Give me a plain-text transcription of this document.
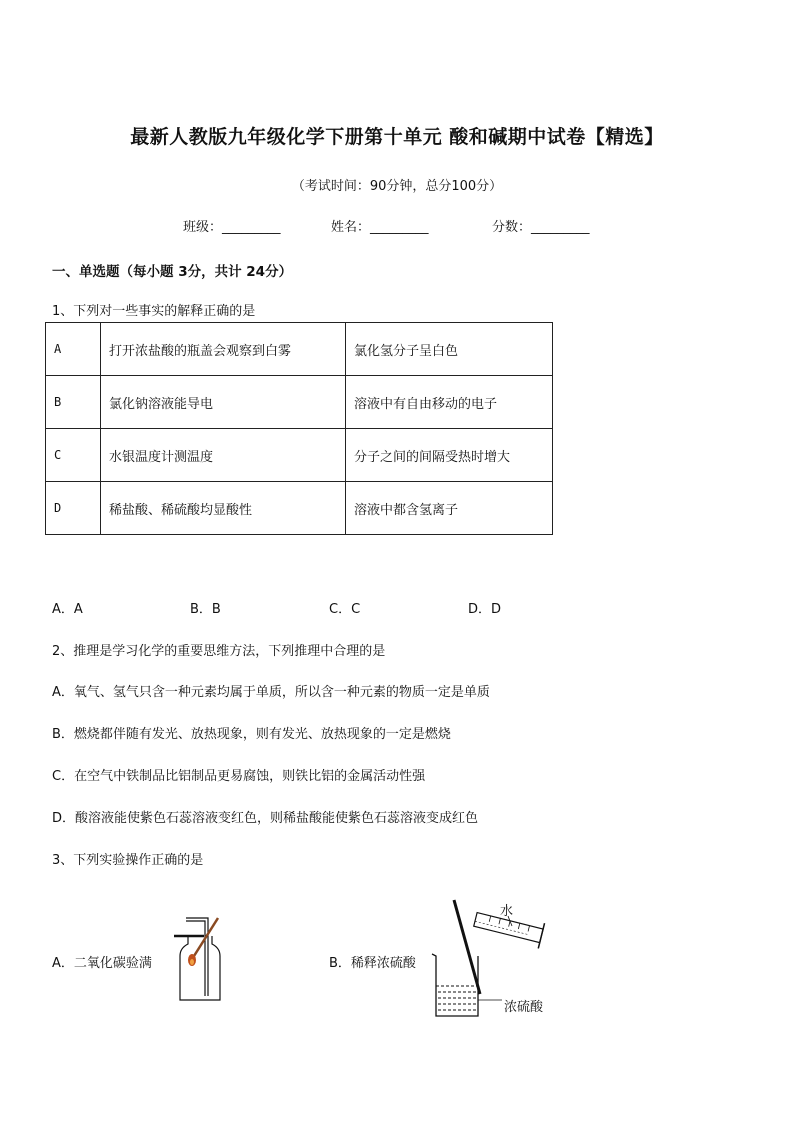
最新人教版九年级化学下册第十单元 酸和碱期中试卷【精选】
（考试时间：90分钟，总分100分）
班级：_________	姓名：_________	分数：_________
一、单选题（每小题 3分，共计 24分）
1、下列对一些事实的解释正确的是
A	打开浓盐酸的瓶盖会观察到白雾	氯化氢分子呈白色
B	氯化钠溶液能导电	溶液中有自由移动的电子
C	水银温度计测温度	分子之间的间隔受热时增大
D	稀盐酸、稀硫酸均显酸性	溶液中都含氢离子
A．A	B．B	C．C	D．D
2、推理是学习化学的重要思维方法，下列推理中合理的是
A．氧气、氢气只含一种元素均属于单质，所以含一种元素的物质一定是单质
B．燃烧都伴随有发光、放热现象，则有发光、放热现象的一定是燃烧
C．在空气中铁制品比铝制品更易腐蚀，则铁比铝的金属活动性强
D．酸溶液能使紫色石蕊溶液变红色，则稀盐酸能使紫色石蕊溶液变成红色
3、下列实验操作正确的是
A．二氧化碳验满	B．稀释浓硫酸
水
浓硫酸
